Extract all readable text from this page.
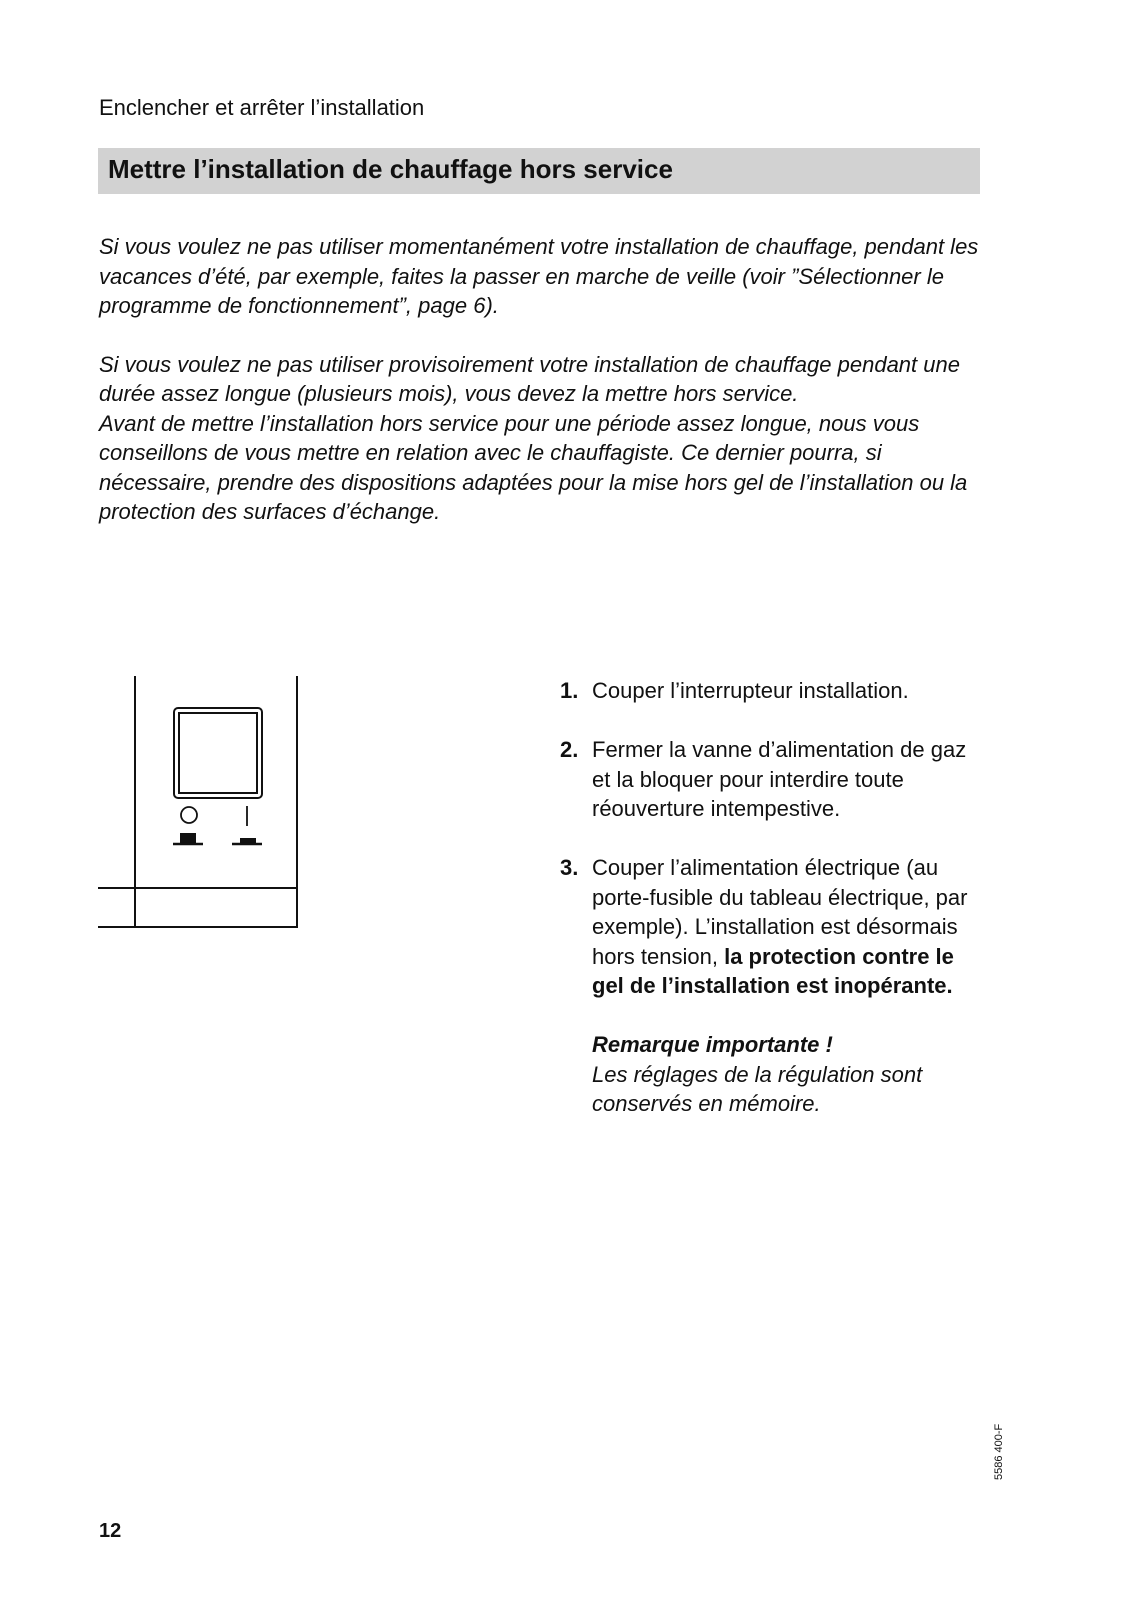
Enclencher et arrêter l’installation
Mettre l’installation de chauffage hors service

Si vous voulez ne pas utiliser momentanément votre installation de chauffage, pendant les vacances d’été, par exemple, faites la passer en marche de veille (voir ”Sélectionner le programme de fonctionnement”, page 6).

Si vous voulez ne pas utiliser provisoirement votre installation de chauffage pendant une durée assez longue (plusieurs mois), vous devez la mettre hors service.

Avant de mettre l’installation hors service pour une période assez longue, nous vous conseillons de vous mettre en relation avec le chauffagiste. Ce dernier pourra, si nécessaire, prendre des dispositions adaptées pour la mise hors gel de l’installation ou la protection des surfaces d’échange.

1. Couper l’interrupteur installation.
2. Fermer la vanne d’alimentation de gaz et la bloquer pour interdire toute réouverture intempestive.
3. Couper l’alimentation électrique (au porte-fusible du tableau électrique, par exemple). L’installation est désormais hors tension, la protection contre le gel de l’installation est inopérante.
Remarque importante !
Les réglages de la régulation sont conservés en mémoire.
5586 400-F
12
